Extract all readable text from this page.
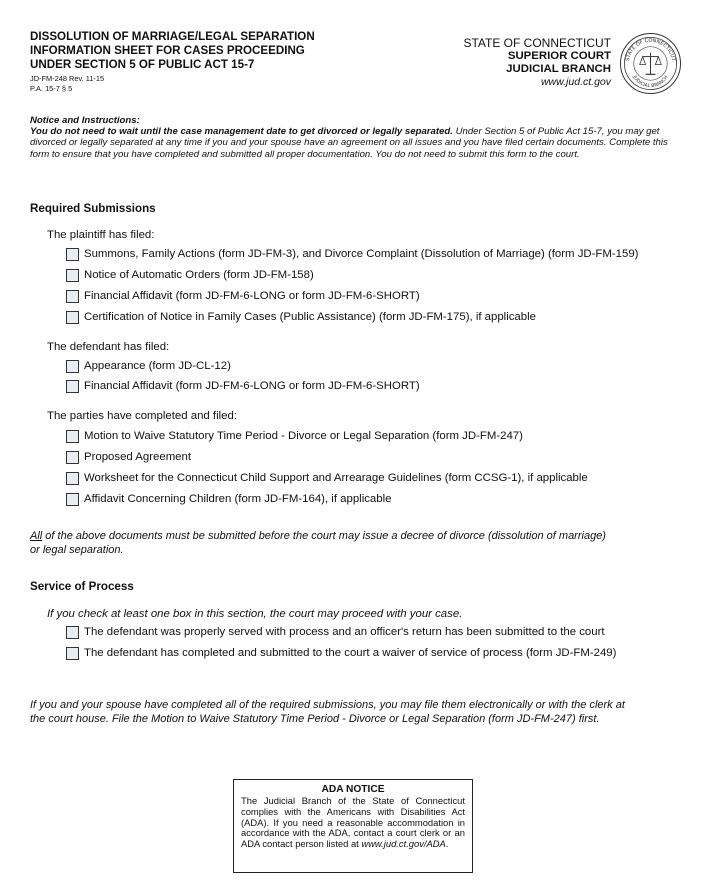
DISSOLUTION OF MARRIAGE/LEGAL SEPARATION
INFORMATION SHEET FOR CASES PROCEEDING
UNDER SECTION 5 OF PUBLIC ACT 15-7
JD-FM-248 Rev. 11-15
P.A. 15-7 § 5
STATE OF CONNECTICUT
SUPERIOR COURT
JUDICIAL BRANCH
www.jud.ct.gov
STATE OF CONNECTICUT
JUDICIAL BRANCH
Notice and Instructions:
You do not need to wait until the case management date to get divorced or legally separated. Under Section 5 of Public Act 15-7, you may get divorced or legally separated at any time if you and your spouse have an agreement on all issues and you have filed certain documents. Complete this form to ensure that you have completed and submitted all proper documentation. You do not need to submit this form to the court.
Required Submissions
The plaintiff has filed:
Summons, Family Actions (form JD-FM-3), and Divorce Complaint (Dissolution of Marriage) (form JD-FM-159)
Notice of Automatic Orders (form JD-FM-158)
Financial Affidavit (form JD-FM-6-LONG or form JD-FM-6-SHORT)
Certification of Notice in Family Cases (Public Assistance) (form JD-FM-175), if applicable
The defendant has filed:
Appearance (form JD-CL-12)
Financial Affidavit (form JD-FM-6-LONG or form JD-FM-6-SHORT)
The parties have completed and filed:
Motion to Waive Statutory Time Period - Divorce or Legal Separation (form JD-FM-247)
Proposed Agreement
Worksheet for the Connecticut Child Support and Arrearage Guidelines (form CCSG-1), if applicable
Affidavit Concerning Children (form JD-FM-164), if applicable
All of the above documents must be submitted before the court may issue a decree of divorce (dissolution of marriage)
or legal separation.
Service of Process
If you check at least one box in this section, the court may proceed with your case.
The defendant was properly served with process and an officer's return has been submitted to the court
The defendant has completed and submitted to the court a waiver of service of process (form JD-FM-249)
If you and your spouse have completed all of the required submissions, you may file them electronically or with the clerk at
the court house. File the Motion to Waive Statutory Time Period - Divorce or Legal Separation (form JD-FM-247) first.
ADA NOTICE
The Judicial Branch of the State of Connecticut complies with the Americans with Disabilities Act (ADA). If you need a reasonable accommodation in accordance with the ADA, contact a court clerk or an ADA contact person listed at www.jud.ct.gov/ADA.
